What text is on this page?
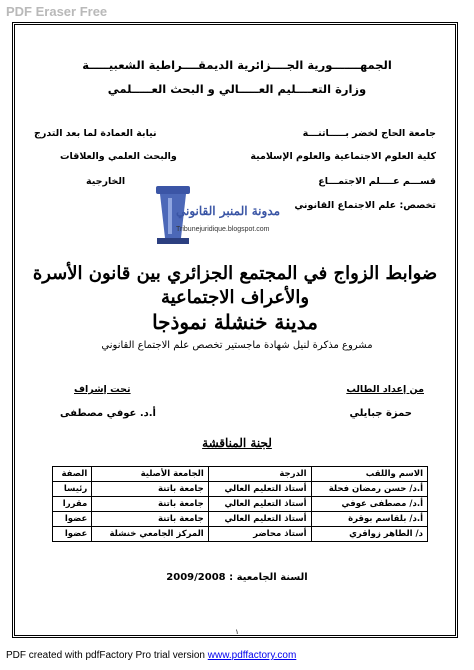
PDF Eraser Free
الجمهـــــــورية الجــــزائرية الديمقــــراطية الشعبيـــــة
وزارة التعــــليم العـــــالي و البحث العـــــلمي
جامعة الحاج لخضر بـــــاتنـــة
كلية العلوم الاجتماعية والعلوم الإسلامية
قســـم عــــلم الاجتمـــاع
تخصص: علم الاجتماع القانوني
نيابة العمادة لما بعد التدرج
والبحث العلمي والعلاقات
الخارجية
مدونة المنبر القانوني
Tribunejuridique.blogspot.com
ضوابط الزواج في المجتمع الجزائري بين قانون الأسرة والأعراف الاجتماعية
مدينة خنشلة نموذجا
مشروع مذكرة لنيل شهادة ماجستير تخصص علم الاجتماع القانوني
من إعداد الطالب
حمزة جبايلي
تحت إشراف
أ.د. عوفي مصطفى
لجنة المناقشة
الاسم واللقب	الدرجة	الجامعة الأصلية	الصفة
أ.د/ حسن رمضان فحلة	أستاذ التعليم العالي	جامعة باتنة	رئيسا
أ.د/ مصطفى عوفي	أستاذ التعليم العالي	جامعة باتنة	مقررا
أ.د/ بلقاسم بوقرة	أستاذ التعليم العالي	جامعة باتنة	عضوا
د/ الطاهر زواقري	أستاذ محاضر	المركز الجامعي خنشلة	عضوا
السنة الجامعية : 2009/2008
١
PDF created with pdfFactory Pro trial version www.pdffactory.com
